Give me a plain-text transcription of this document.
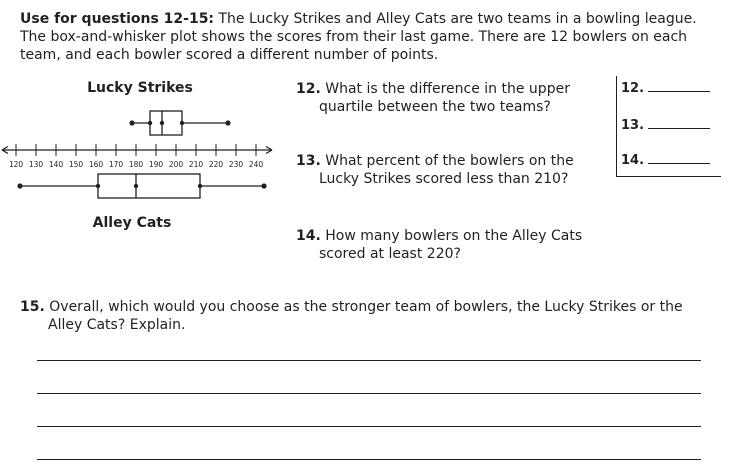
Use for questions 12-15: The Lucky Strikes and Alley Cats are two teams in a bowling league. The box-and-whisker plot shows the scores from their last game. There are 12 bowlers on each team, and each bowler scored a different number of points.
Lucky Strikes
120 130 140 150 160 170 180 190 200 210 220 230 240
Alley Cats
12. What is the difference in the upper
quartile between the two teams?
13. What percent of the bowlers on the
Lucky Strikes scored less than 210?
14. How many bowlers on the Alley Cats
scored at least 220?
12.
13.
14.
15. Overall, which would you choose as the stronger team of bowlers, the Lucky Strikes or the
Alley Cats? Explain.
